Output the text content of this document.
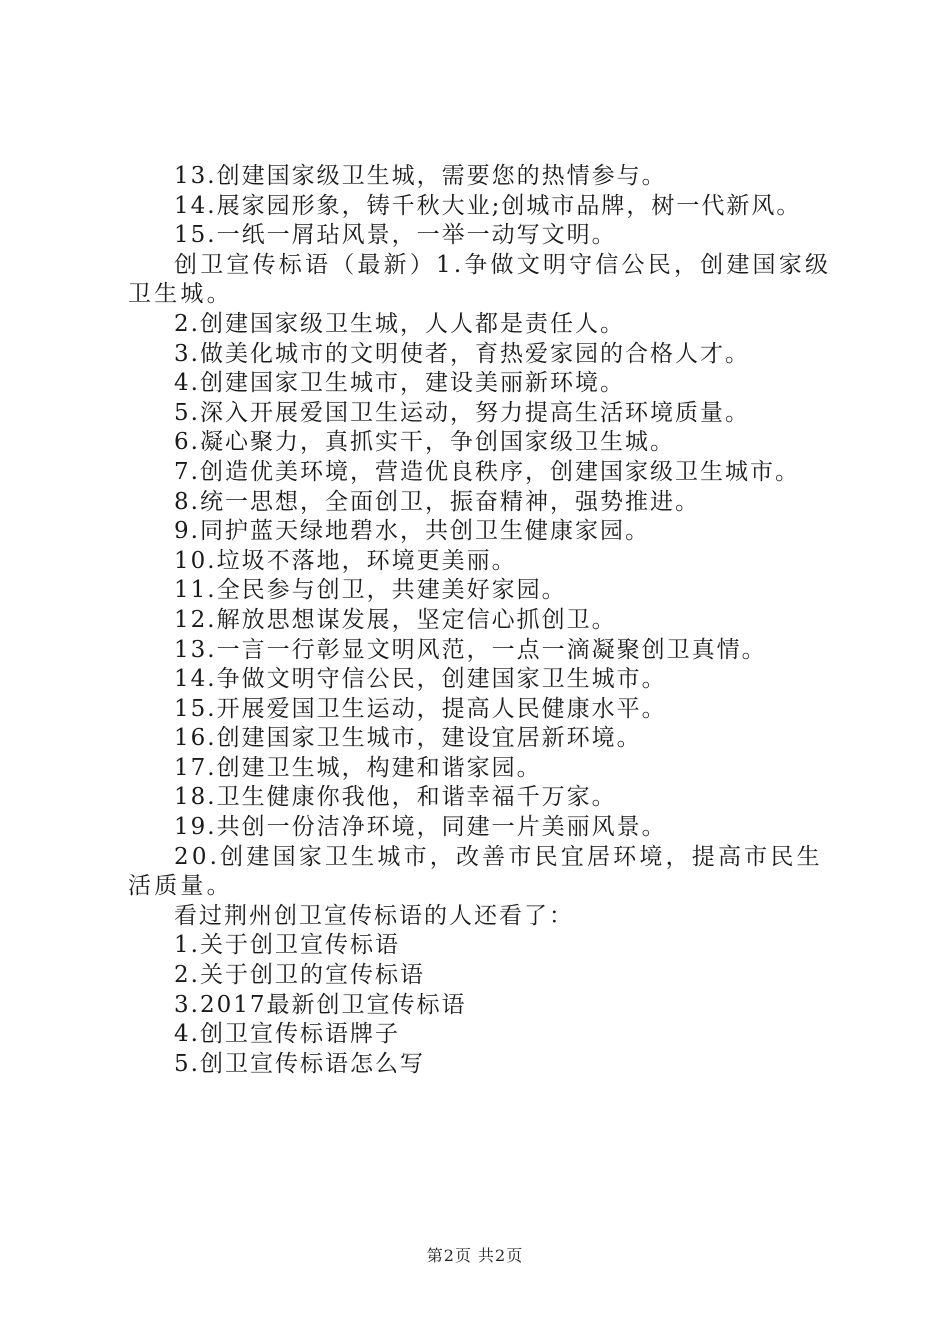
13.创建国家级卫生城，需要您的热情参与。

14.展家园形象，铸千秋大业;创城市品牌，树一代新风。

15.一纸一屑玷风景，一举一动写文明。

创卫宣传标语（最新）1.争做文明守信公民，创建国家级卫生城。

2.创建国家级卫生城，人人都是责任人。

3.做美化城市的文明使者，育热爱家园的合格人才。

4.创建国家卫生城市，建设美丽新环境。

5.深入开展爱国卫生运动，努力提高生活环境质量。

6.凝心聚力，真抓实干，争创国家级卫生城。

7.创造优美环境，营造优良秩序，创建国家级卫生城市。

8.统一思想，全面创卫，振奋精神，强势推进。

9.同护蓝天绿地碧水，共创卫生健康家园。

10.垃圾不落地，环境更美丽。

11.全民参与创卫，共建美好家园。

12.解放思想谋发展，坚定信心抓创卫。

13.一言一行彰显文明风范，一点一滴凝聚创卫真情。

14.争做文明守信公民，创建国家卫生城市。

15.开展爱国卫生运动，提高人民健康水平。

16.创建国家卫生城市，建设宜居新环境。

17.创建卫生城，构建和谐家园。

18.卫生健康你我他，和谐幸福千万家。

19.共创一份洁净环境，同建一片美丽风景。

20.创建国家卫生城市，改善市民宜居环境，提高市民生活质量。

看过荆州创卫宣传标语的人还看了：

1.关于创卫宣传标语

2.关于创卫的宣传标语

3.2017最新创卫宣传标语

4.创卫宣传标语牌子

5.创卫宣传标语怎么写

第2页 共2页
